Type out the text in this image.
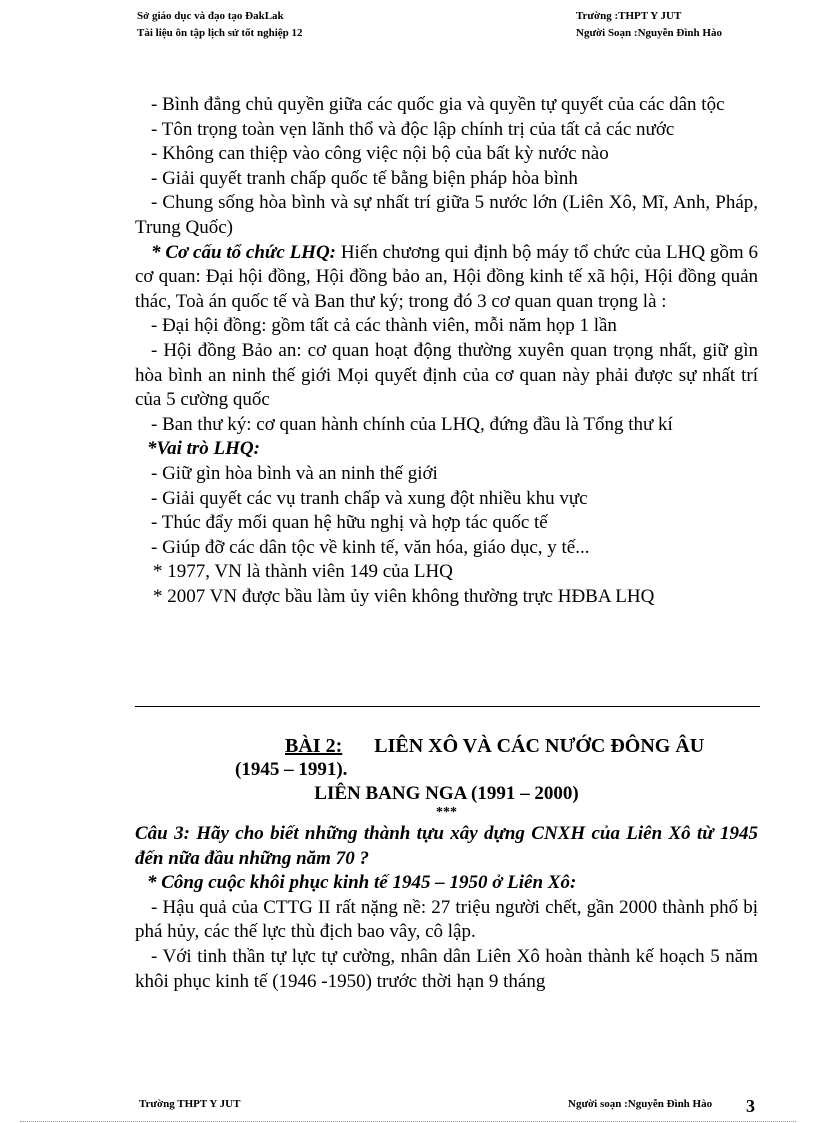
Sở giáo dục và đạo tạo ĐakLak
Tài liệu ôn tập lịch sử tốt nghiệp 12
Trường :THPT Y JUT
Người Soạn :Nguyễn Đình Hào

- Bình đẳng chủ quyền giữa các quốc gia và quyền tự quyết của các dân tộc

- Tôn trọng toàn vẹn lãnh thổ và độc lập chính trị của tất cả các nước

- Không can thiệp vào công việc nội bộ của bất kỳ nước nào

- Giải quyết tranh chấp quốc tế bằng biện pháp hòa bình

- Chung sống hòa bình và sự nhất trí giữa 5 nước lớn (Liên Xô, Mĩ, Anh, Pháp, Trung Quốc)

* Cơ cấu tổ chức LHQ: Hiến chương qui định bộ máy tổ chức của LHQ gồm 6 cơ quan: Đại hội đồng, Hội đồng bảo an, Hội đồng kinh tế xã hội, Hội đồng quản thác, Toà án quốc tế và Ban thư ký; trong đó 3 cơ quan quan trọng là :

- Đại hội đồng: gồm tất cả các thành viên, mỗi năm họp 1 lần

- Hội đồng Bảo an: cơ quan hoạt động thường xuyên quan trọng nhất, giữ gìn hòa bình an ninh thế giới Mọi quyết định của cơ quan này phải được sự nhất trí của 5 cường quốc

- Ban thư ký: cơ quan hành chính của LHQ, đứng đầu là Tổng thư kí

*Vai trò LHQ:

- Giữ gìn hòa bình và an ninh thế giới

- Giải quyết các vụ tranh chấp và xung đột nhiều khu vực

- Thúc đẩy mối quan hệ hữu nghị và hợp tác quốc tế

- Giúp đỡ các dân tộc về kinh tế, văn hóa, giáo dục, y tế...

* 1977, VN là thành viên 149 của LHQ

* 2007 VN được bầu làm ủy viên không thường trực HĐBA LHQ

BÀI 2: LIÊN XÔ VÀ CÁC NƯỚC ĐÔNG ÂU

(1945 – 1991).

LIÊN BANG NGA (1991 – 2000)

***

Câu 3: Hãy cho biết những thành tựu xây dựng CNXH của Liên Xô từ 1945 đến nữa đầu những năm 70 ?

* Công cuộc khôi phục kinh tế 1945 – 1950 ở Liên Xô:

- Hậu quả của CTTG II rất nặng nề: 27 triệu người chết, gần 2000 thành phố bị phá hủy, các thế lực thù địch bao vây, cô lập.

- Với tinh thần tự lực tự cường, nhân dân Liên Xô hoàn thành kế hoạch 5 năm khôi phục kinh tế (1946 -1950) trước thời hạn 9 tháng

Trường THPT Y JUT	Người soạn :Nguyễn Đình Hào 3
